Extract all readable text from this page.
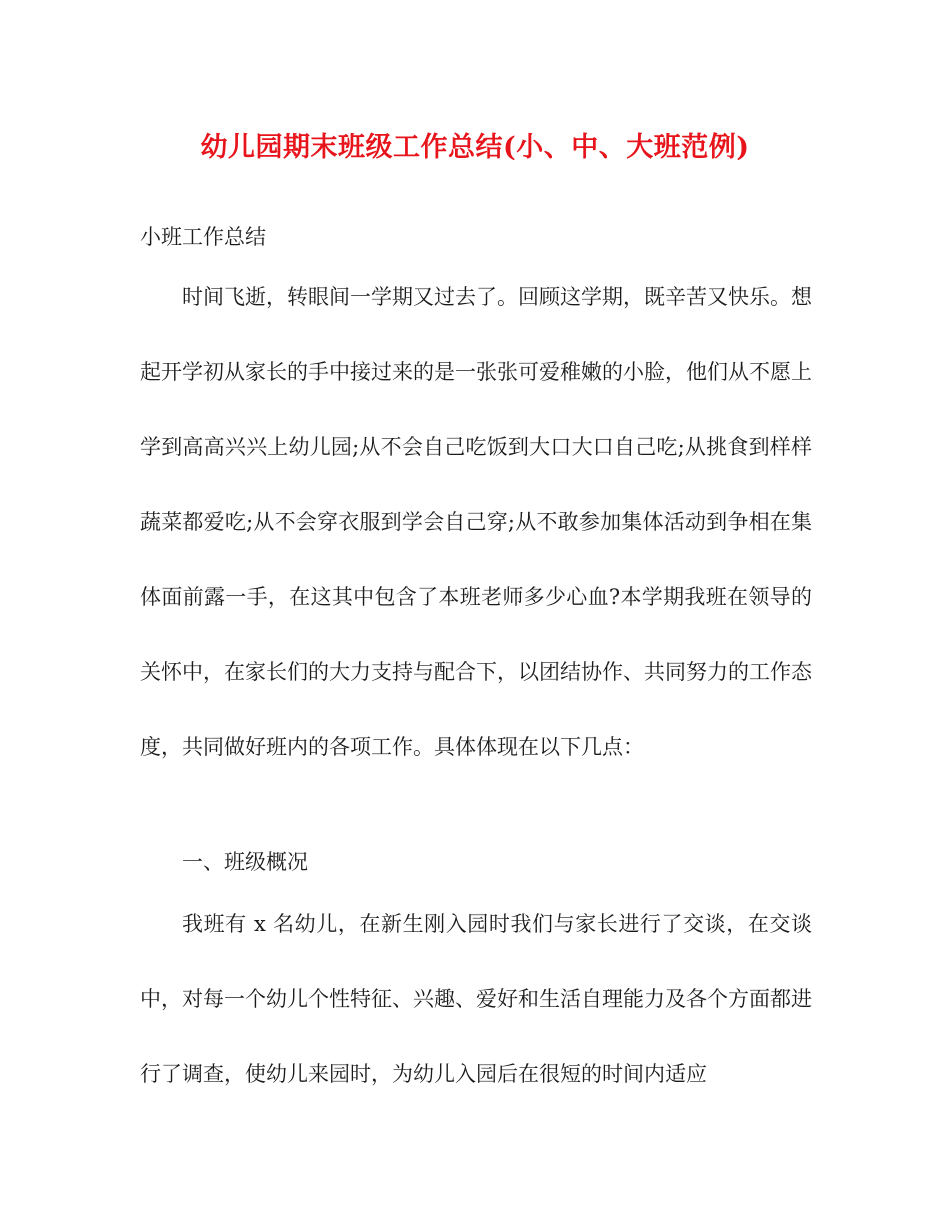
幼儿园期末班级工作总结(小、中、大班范例)
小班工作总结

时间飞逝，转眼间一学期又过去了。回顾这学期，既辛苦又快乐。想起开学初从家长的手中接过来的是一张张可爱稚嫩的小脸，他们从不愿上学到高高兴兴上幼儿园;从不会自己吃饭到大口大口自己吃;从挑食到样样蔬菜都爱吃;从不会穿衣服到学会自己穿;从不敢参加集体活动到争相在集体面前露一手，在这其中包含了本班老师多少心血?本学期我班在领导的关怀中，在家长们的大力支持与配合下，以团结协作、共同努力的工作态度，共同做好班内的各项工作。具体体现在以下几点：

一、班级概况

我班有 x 名幼儿，在新生刚入园时我们与家长进行了交谈，在交谈中，对每一个幼儿个性特征、兴趣、爱好和生活自理能力及各个方面都进行了调查，使幼儿来园时，为幼儿入园后在很短的时间内适应
